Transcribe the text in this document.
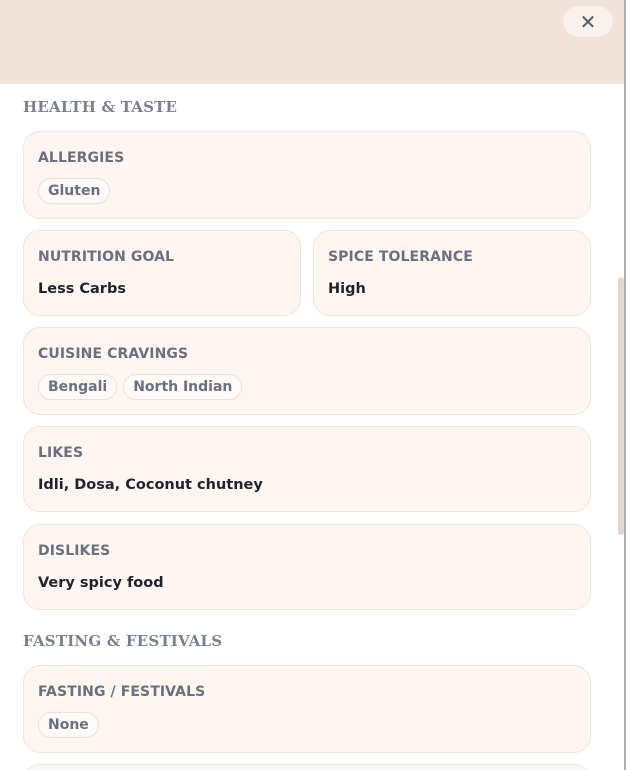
✕
HEALTH & TASTE
ALLERGIES
Gluten
NUTRITION GOAL
Less Carbs
SPICE TOLERANCE
High
CUISINE CRAVINGS
Bengali	North Indian
LIKES
Idli, Dosa, Coconut chutney
DISLIKES
Very spicy food
FASTING & FESTIVALS
FASTING / FESTIVALS
None
